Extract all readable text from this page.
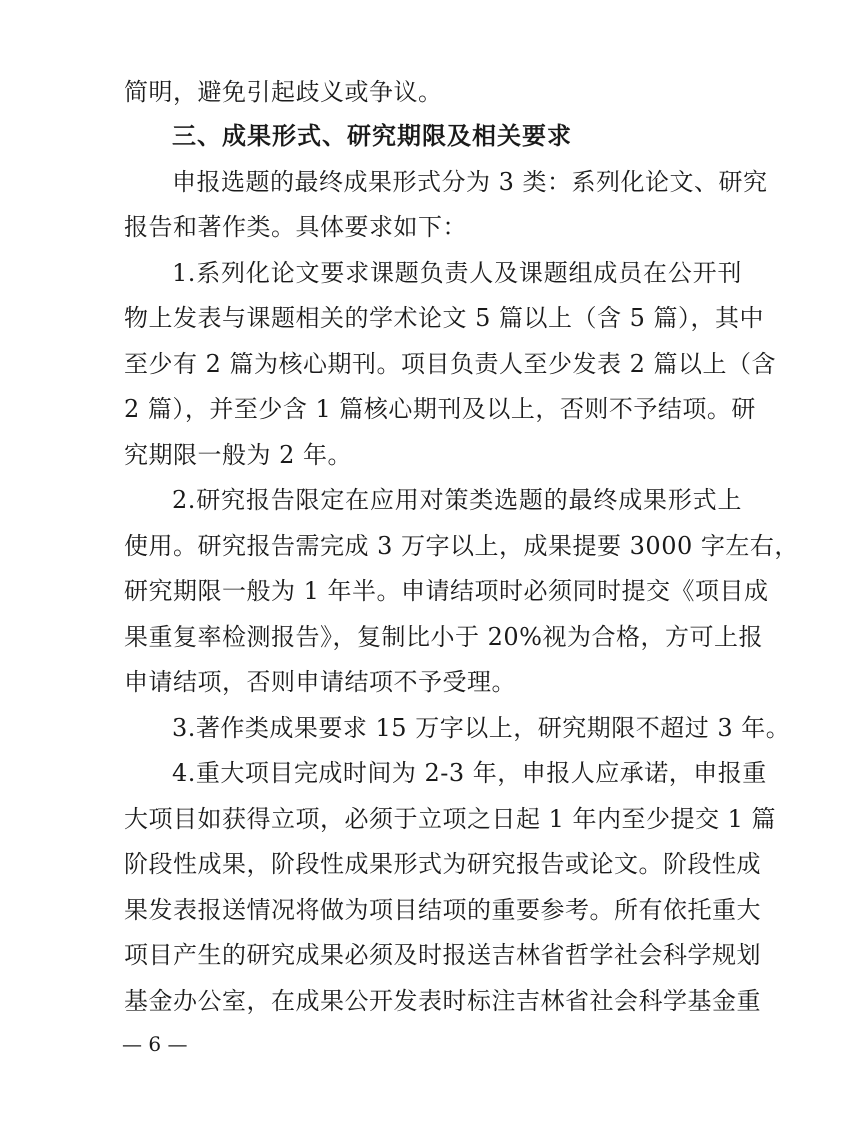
简明，避免引起歧义或争议。
三、成果形式、研究期限及相关要求
申报选题的最终成果形式分为 3 类：系列化论文、研究
报告和著作类。具体要求如下：
1.系列化论文要求课题负责人及课题组成员在公开刊
物上发表与课题相关的学术论文 5 篇以上（含 5 篇），其中
至少有 2 篇为核心期刊。项目负责人至少发表 2 篇以上（含
2 篇），并至少含 1 篇核心期刊及以上，否则不予结项。研
究期限一般为 2 年。
2.研究报告限定在应用对策类选题的最终成果形式上
使用。研究报告需完成 3 万字以上，成果提要 3000 字左右，
研究期限一般为 1 年半。申请结项时必须同时提交《项目成
果重复率检测报告》，复制比小于 20%视为合格，方可上报
申请结项，否则申请结项不予受理。
3.著作类成果要求 15 万字以上，研究期限不超过 3 年。
4.重大项目完成时间为 2-3 年，申报人应承诺，申报重
大项目如获得立项，必须于立项之日起 1 年内至少提交 1 篇
阶段性成果，阶段性成果形式为研究报告或论文。阶段性成
果发表报送情况将做为项目结项的重要参考。所有依托重大
项目产生的研究成果必须及时报送吉林省哲学社会科学规划
基金办公室，在成果公开发表时标注吉林省社会科学基金重
— 6 —
